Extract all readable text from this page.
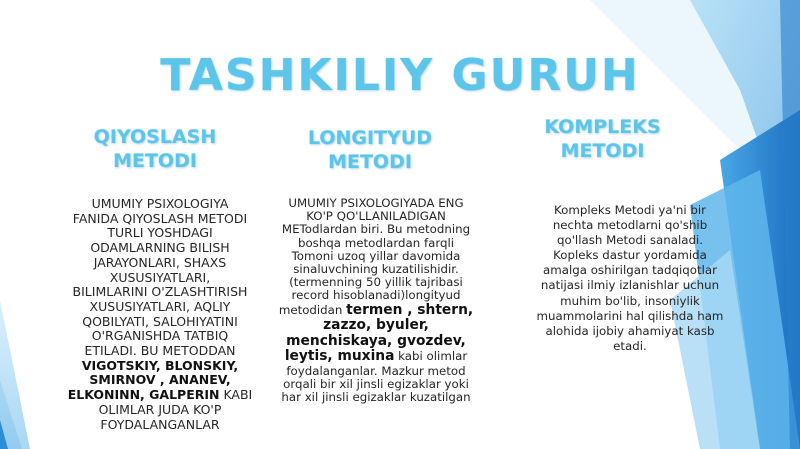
TASHKILIY GURUH
QIYOSLASH
METODI
UMUMIY PSIXOLOGIYA
FANIDA QIYOSLASH METODI
TURLI YOSHDAGI
ODAMLARNING BILISH
JARAYONLARI, SHAXS
XUSUSIYATLARI,
BILIMLARINI O'ZLASHTIRISH
XUSUSIYATLARI, AQLIY
QOBILYATI, SALOHIYATINI
O'RGANISHDA TATBIQ
ETILADI. BU METODDAN
VIGOTSKIY, BLONSKIY,
SMIRNOV , ANANEV,
ELKONINN, GALPERIN KABI
OLIMLAR JUDA KO'P
FOYDALANGANLAR
LONGITYUD
METODI
UMUMIY PSIXOLOGIYADA ENG
KO'P QO'LLANILADIGAN
METodlardan biri. Bu metodning
boshqa metodlardan farqli
Tomoni uzoq yillar davomida
sinaluvchining kuzatilishidir.
(termenning 50 yillik tajribasi
record hisoblanadi)longityud
metodidan termen , shtern,
zazzo, byuler,
menchiskaya, gvozdev,
leytis, muxina kabi olimlar
foydalanganlar. Mazkur metod
orqali bir xil jinsli egizaklar yoki
har xil jinsli egizaklar kuzatilgan
KOMPLEKS
METODI
Kompleks Metodi ya'ni bir
nechta metodlarni qo'shib
qo'llash Metodi sanaladi.
Kopleks dastur yordamida
amalga oshirilgan tadqiqotlar
natijasi ilmiy izlanishlar uchun
muhim bo'lib, insoniylik
muammolarini hal qilishda ham
alohida ijobiy ahamiyat kasb
etadi.
